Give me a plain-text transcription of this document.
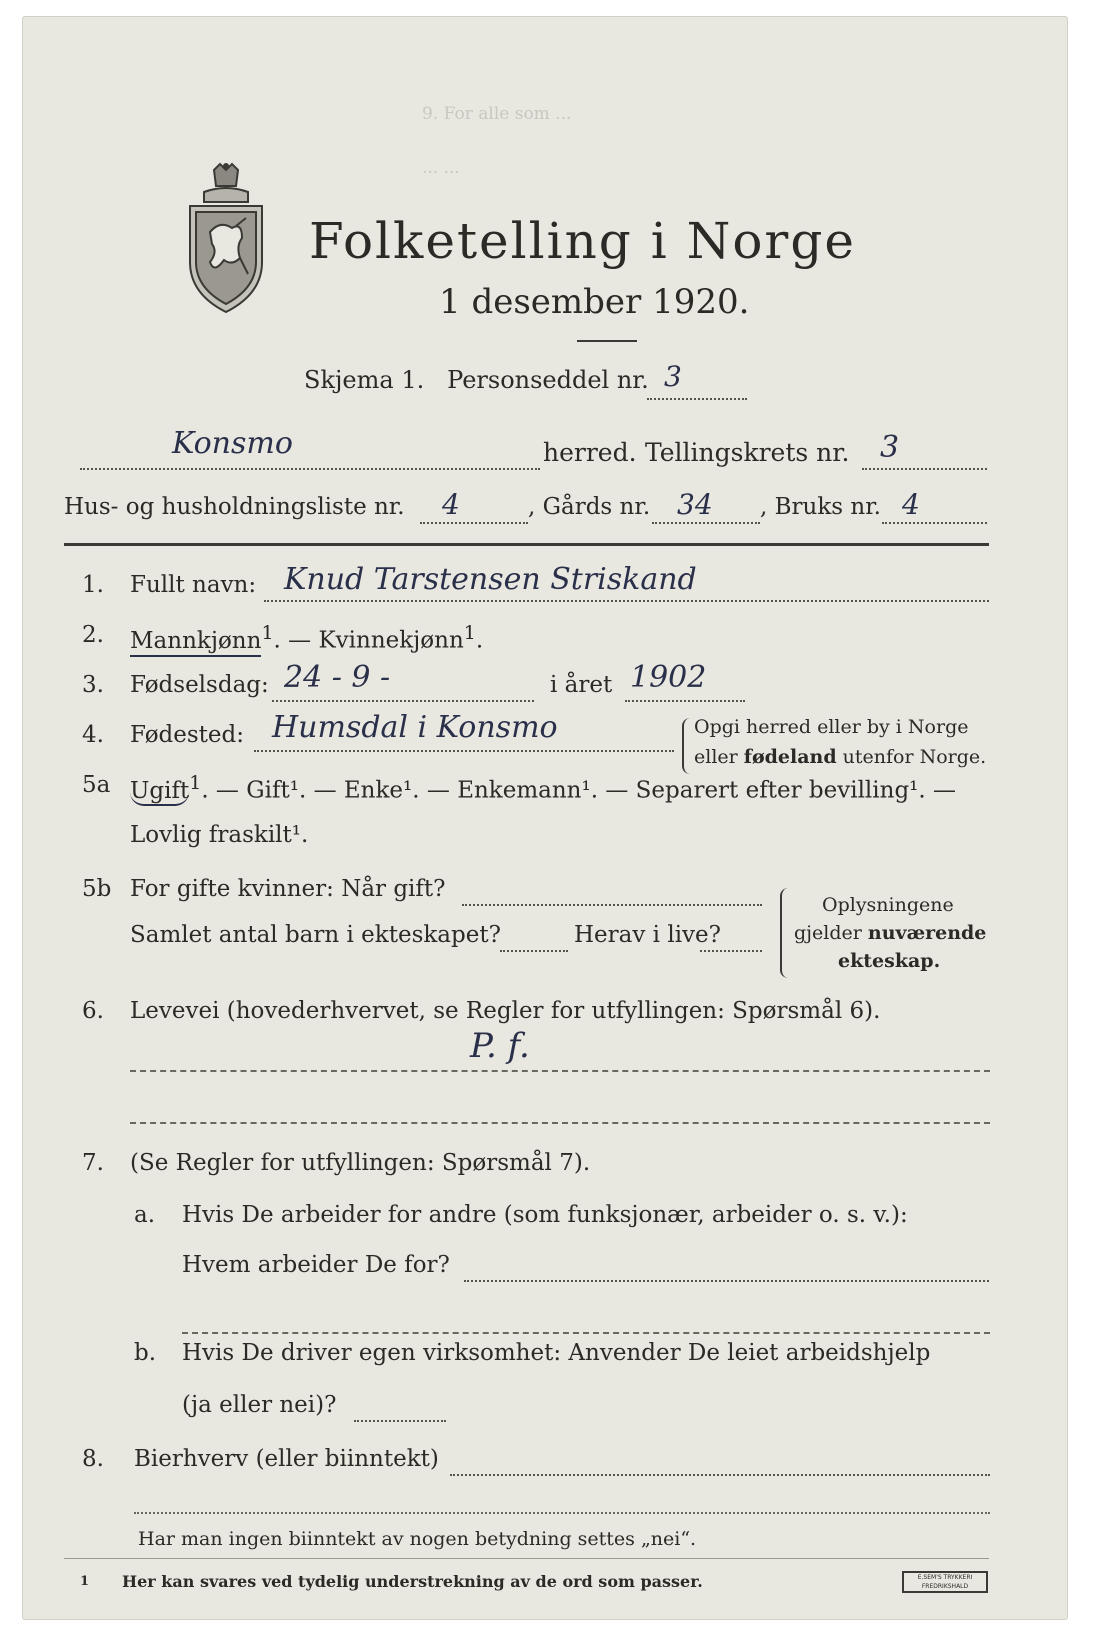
9. For alle som ...
... ...
Folketelling i Norge
1 desember 1920.
Skjema 1. Personseddel nr. 3
Konsmo	herred. Tellingskrets nr. 3
Hus- og husholdningsliste nr. 4	, Gårds nr. 34 , Bruks nr. 4
1. Fullt navn: Knud Tarstensen Striskand
2. Mannkjønn$^1$. — Kvinnekjønn$^1$.
3. Fødselsdag: 24 - 9 -	i året 1902
4. Fødested: Humsdal i Konsmo	Opgi herred eller by i Norge
eller fødeland utenfor Norge.
5a Ugift$^1$. — Gift¹. — Enke¹. — Enkemann¹. — Separert efter bevilling¹. —
Lovlig fraskilt¹.
5b For gifte kvinner: Når gift?
Samlet antal barn i ekteskapet?	Herav i live?
Oplysningene
gjelder nuværende
ekteskap.
6. Levevei (hovederhvervet, se Regler for utfyllingen: Spørsmål 6).
P. f.
7. (Se Regler for utfyllingen: Spørsmål 7).
a. Hvis De arbeider for andre (som funksjonær, arbeider o. s. v.):
Hvem arbeider De for?
b. Hvis De driver egen virksomhet: Anvender De leiet arbeidshjelp
(ja eller nei)?
8. Bierhverv (eller biinntekt)
Har man ingen biinntekt av nogen betydning settes „nei“.
1 Her kan svares ved tydelig understrekning av de ord som passer.	E.SEM'S TRYKKERI FREDRIKSHALD
